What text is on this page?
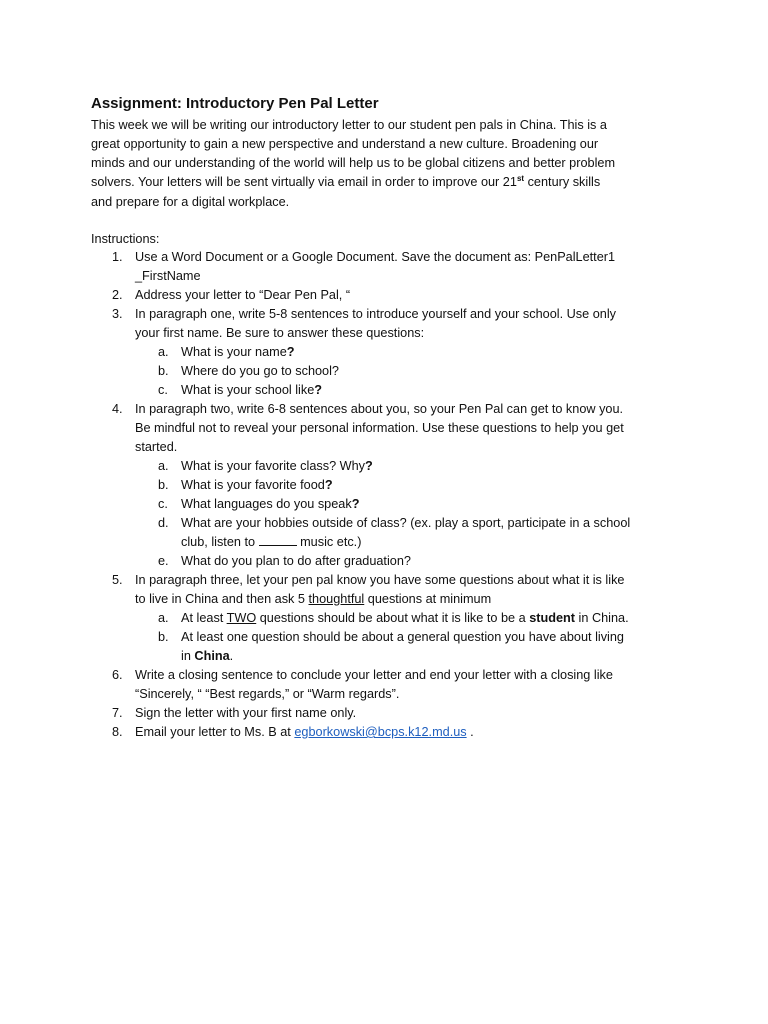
Assignment: Introductory Pen Pal Letter

This week we will be writing our introductory letter to our student pen pals in China. This is a
great opportunity to gain a new perspective and understand a new culture. Broadening our
minds and our understanding of the world will help us to be global citizens and better problem
solvers. Your letters will be sent virtually via email in order to improve our 21st century skills
and prepare for a digital workplace.

Instructions:

1. Use a Word Document or a Google Document. Save the document as: PenPalLetter1
_FirstName
2. Address your letter to “Dear Pen Pal, “
3. In paragraph one, write 5-8 sentences to introduce yourself and your school. Use only
your first name. Be sure to answer these questions:
a. What is your name?
b. Where do you go to school?
c. What is your school like?
4. In paragraph two, write 6-8 sentences about you, so your Pen Pal can get to know you.
Be mindful not to reveal your personal information. Use these questions to help you get
started.
a. What is your favorite class? Why?
b. What is your favorite food?
c. What languages do you speak?
d. What are your hobbies outside of class? (ex. play a sport, participate in a school
club, listen to	music etc.)
e. What do you plan to do after graduation?
5. In paragraph three, let your pen pal know you have some questions about what it is like
to live in China and then ask 5 thoughtful questions at minimum
a. At least TWO questions should be about what it is like to be a student in China.
b. At least one question should be about a general question you have about living
in China.
6. Write a closing sentence to conclude your letter and end your letter with a closing like
“Sincerely, “ “Best regards,” or “Warm regards”.
7. Sign the letter with your first name only.
8. Email your letter to Ms. B at egborkowski@bcps.k12.md.us .
